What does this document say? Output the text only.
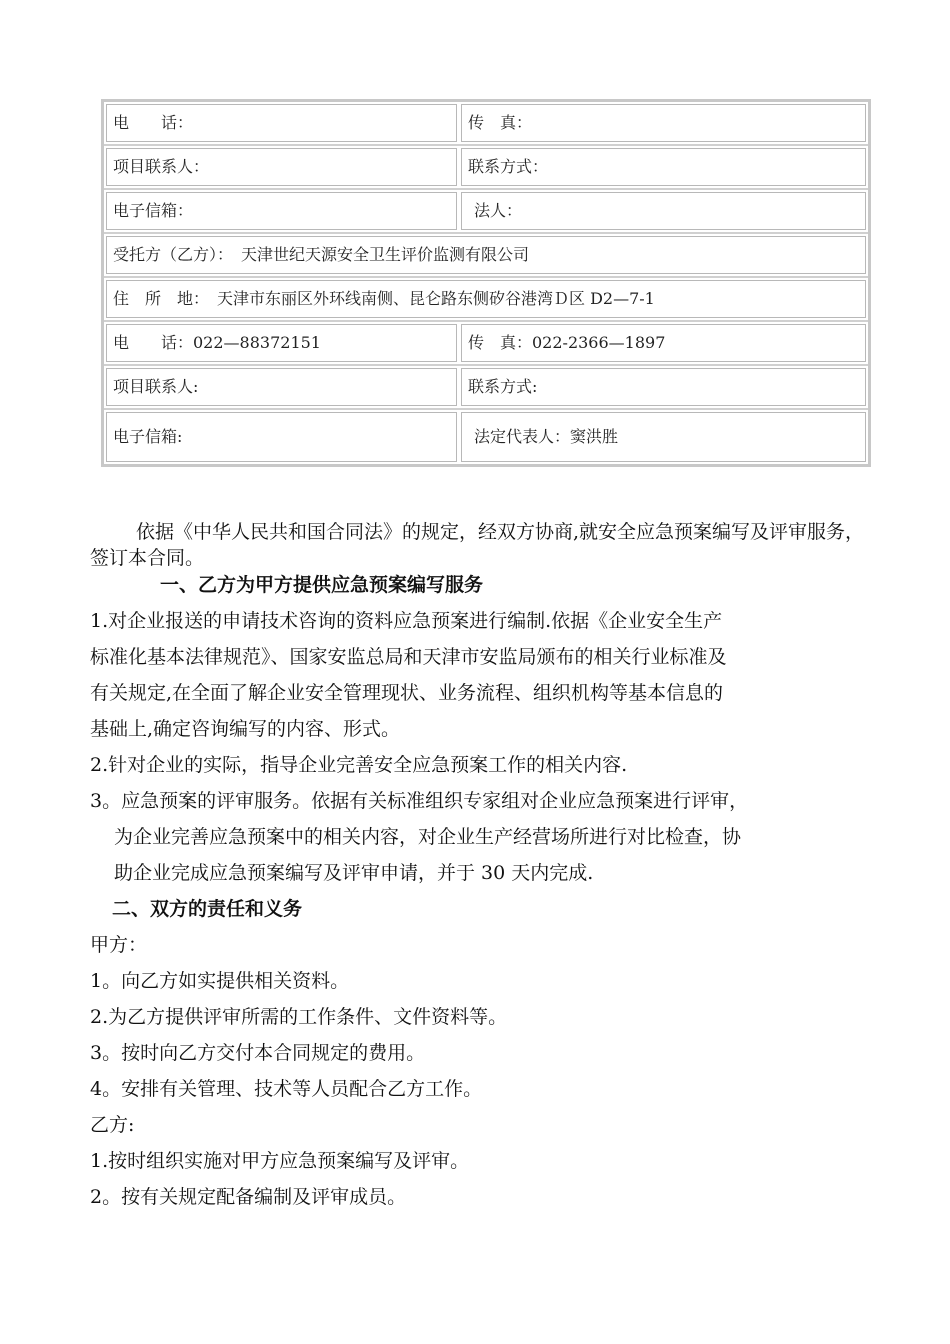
电　　话：	传　真：
项目联系人：	联系方式：
电子信箱：	法人：
受托方（乙方）：　天津世纪天源安全卫生评价监测有限公司
住　所　地：　天津市东丽区外环线南侧、昆仑路东侧矽谷港湾Ｄ区 D2—7-1
电　　话：022—88372151	传　真：022-2366—1897
项目联系人:	联系方式:
电子信箱:	法定代表人：窦洪胜
依据《中华人民共和国合同法》的规定，经双方协商,就安全应急预案编写及评审服务，签订本合同。
一、乙方为甲方提供应急预案编写服务
1.对企业报送的申请技术咨询的资料应急预案进行编制.依据《企业安全生产
标准化基本法律规范》、国家安监总局和天津市安监局颁布的相关行业标准及
有关规定,在全面了解企业安全管理现状、业务流程、组织机构等基本信息的
基础上,确定咨询编写的内容、形式。
2.针对企业的实际，指导企业完善安全应急预案工作的相关内容.
3。应急预案的评审服务。依据有关标准组织专家组对企业应急预案进行评审，
为企业完善应急预案中的相关内容，对企业生产经营场所进行对比检查，协
助企业完成应急预案编写及评审申请，并于 30 天内完成.
二、双方的责任和义务
甲方：
1。向乙方如实提供相关资料。
2.为乙方提供评审所需的工作条件、文件资料等。
3。按时向乙方交付本合同规定的费用。
4。安排有关管理、技术等人员配合乙方工作。
乙方:
1.按时组织实施对甲方应急预案编写及评审。
2。按有关规定配备编制及评审成员。
